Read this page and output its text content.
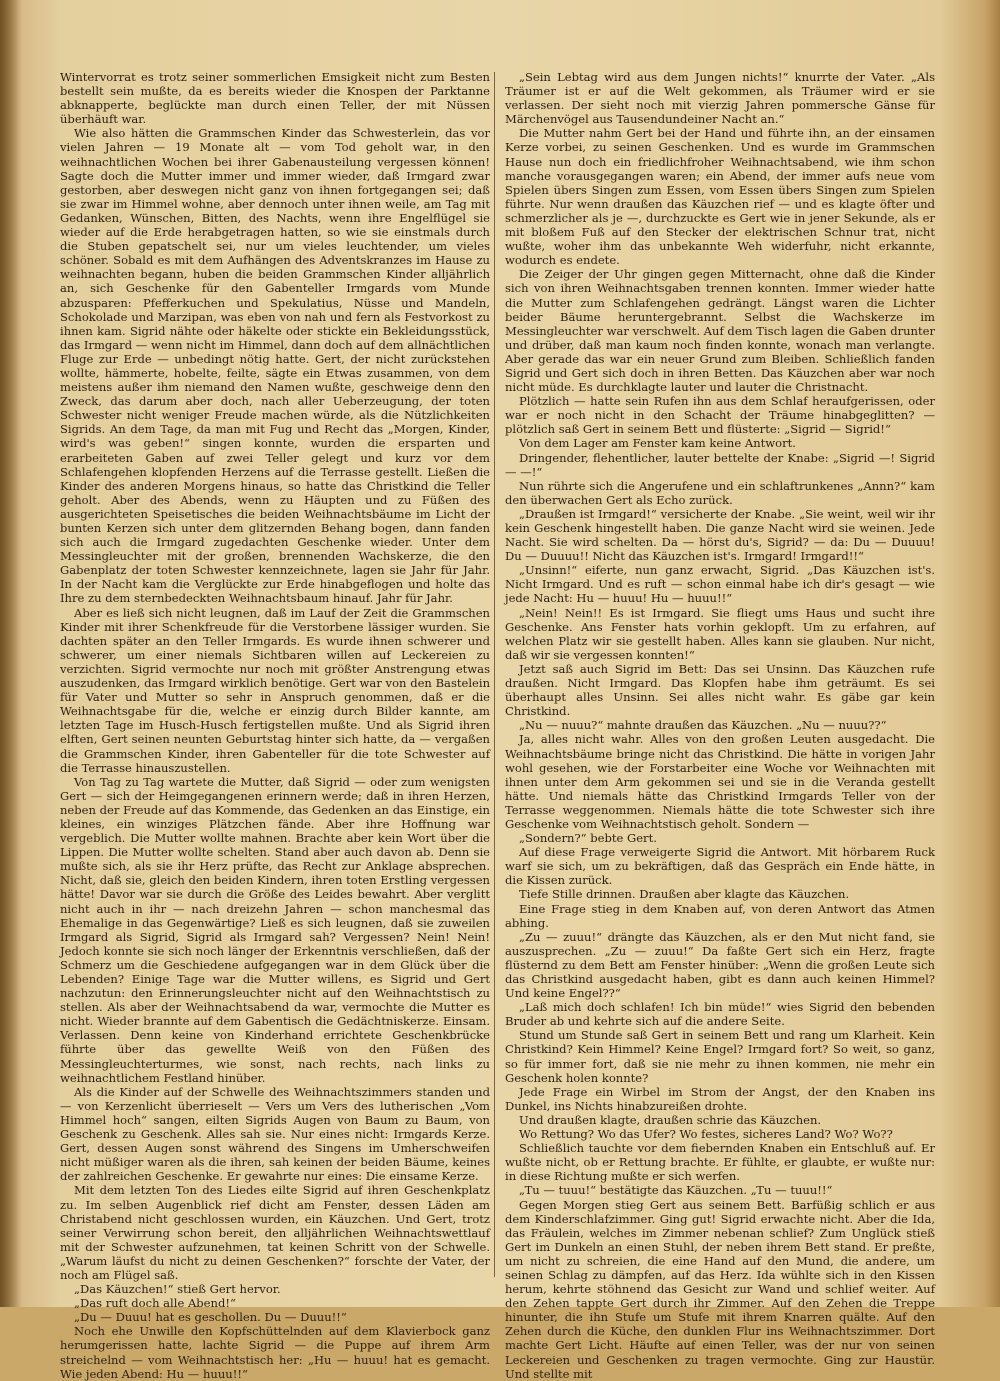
Wintervorrat es trotz seiner sommerlichen Emsigkeit nicht zum Besten bestellt sein mußte, da es bereits wieder die Knospen der Parktanne abknapperte, beglückte man durch einen Teller, der mit Nüssen überhäuft war.

Wie also hätten die Grammschen Kinder das Schwesterlein, das vor vielen Jahren — 19 Monate alt — vom Tod geholt war, in den weihnachtlichen Wochen bei ihrer Gabenausteilung vergessen können! Sagte doch die Mutter immer und immer wieder, daß Irmgard zwar gestorben, aber deswegen nicht ganz von ihnen fortgegangen sei; daß sie zwar im Himmel wohne, aber dennoch unter ihnen weile, am Tag mit Gedanken, Wünschen, Bitten, des Nachts, wenn ihre Engelflügel sie wieder auf die Erde herabgetragen hatten, so wie sie einstmals durch die Stuben gepatschelt sei, nur um vieles leuchtender, um vieles schöner. Sobald es mit dem Aufhängen des Adventskranzes im Hause zu weihnachten begann, huben die beiden Grammschen Kinder alljährlich an, sich Geschenke für den Gabenteller Irmgards vom Munde abzusparen: Pfefferkuchen und Spekulatius, Nüsse und Mandeln, Schokolade und Marzipan, was eben von nah und fern als Festvorkost zu ihnen kam. Sigrid nähte oder häkelte oder stickte ein Bekleidungsstück, das Irmgard — wenn nicht im Himmel, dann doch auf dem allnächtlichen Fluge zur Erde — unbedingt nötig hatte. Gert, der nicht zurückstehen wollte, hämmerte, hobelte, feilte, sägte ein Etwas zusammen, von dem meistens außer ihm niemand den Namen wußte, geschweige denn den Zweck, das darum aber doch, nach aller Ueberzeugung, der toten Schwester nicht weniger Freude machen würde, als die Nützlichkeiten Sigrids. An dem Tage, da man mit Fug und Recht das „Morgen, Kinder, wird's was geben!“ singen konnte, wurden die ersparten und erarbeiteten Gaben auf zwei Teller gelegt und kurz vor dem Schlafengehen klopfenden Herzens auf die Terrasse gestellt. Ließen die Kinder des anderen Morgens hinaus, so hatte das Christkind die Teller geholt. Aber des Abends, wenn zu Häupten und zu Füßen des ausgerichteten Speisetisches die beiden Weihnachtsbäume im Licht der bunten Kerzen sich unter dem glitzernden Behang bogen, dann fanden sich auch die Irmgard zugedachten Geschenke wieder. Unter dem Messingleuchter mit der großen, brennenden Wachskerze, die den Gabenplatz der toten Schwester kennzeichnete, lagen sie Jahr für Jahr. In der Nacht kam die Verglückte zur Erde hinabgeflogen und holte das Ihre zu dem sternbedeckten Weihnachtsbaum hinauf. Jahr für Jahr.

Aber es ließ sich nicht leugnen, daß im Lauf der Zeit die Grammschen Kinder mit ihrer Schenkfreude für die Verstorbene lässiger wurden. Sie dachten später an den Teller Irmgards. Es wurde ihnen schwerer und schwerer, um einer niemals Sichtbaren willen auf Leckereien zu verzichten. Sigrid vermochte nur noch mit größter Anstrengung etwas auszudenken, das Irmgard wirklich benötige. Gert war von den Bastelein für Vater und Mutter so sehr in Anspruch genommen, daß er die Weihnachtsgabe für die, welche er einzig durch Bilder kannte, am letzten Tage im Husch-Husch fertigstellen mußte. Und als Sigrid ihren elften, Gert seinen neunten Geburtstag hinter sich hatte, da — vergaßen die Grammschen Kinder, ihren Gabenteller für die tote Schwester auf die Terrasse hinauszustellen.

Von Tag zu Tag wartete die Mutter, daß Sigrid — oder zum wenigsten Gert — sich der Heimgegangenen erinnern werde; daß in ihren Herzen, neben der Freude auf das Kommende, das Gedenken an das Einstige, ein kleines, ein winziges Plätzchen fände. Aber ihre Hoffnung war vergeblich. Die Mutter wollte mahnen. Brachte aber kein Wort über die Lippen. Die Mutter wollte schelten. Stand aber auch davon ab. Denn sie mußte sich, als sie ihr Herz prüfte, das Recht zur Anklage absprechen. Nicht, daß sie, gleich den beiden Kindern, ihren toten Erstling vergessen hätte! Davor war sie durch die Größe des Leides bewahrt. Aber verglitt nicht auch in ihr — nach dreizehn Jahren — schon manchesmal das Ehemalige in das Gegenwärtige? Ließ es sich leugnen, daß sie zuweilen Irmgard als Sigrid, Sigrid als Irmgard sah? Vergessen? Nein! Nein! Jedoch konnte sie sich noch länger der Erkenntnis verschließen, daß der Schmerz um die Geschiedene aufgegangen war in dem Glück über die Lebenden? Einige Tage war die Mutter willens, es Sigrid und Gert nachzutun: den Erinnerungsleuchter nicht auf den Weihnachtstisch zu stellen. Als aber der Weihnachtsabend da war, vermochte die Mutter es nicht. Wieder brannte auf dem Gabentisch die Gedächtniskerze. Einsam. Verlassen. Denn keine von Kinderhand errichtete Geschenkbrücke führte über das gewellte Weiß von den Füßen des Messingleuchterturmes, wie sonst, nach rechts, nach links zu weihnachtlichem Festland hinüber.

Als die Kinder auf der Schwelle des Weihnachtszimmers standen und — von Kerzenlicht überrieselt — Vers um Vers des lutherischen „Vom Himmel hoch“ sangen, eilten Sigrids Augen von Baum zu Baum, von Geschenk zu Geschenk. Alles sah sie. Nur eines nicht: Irmgards Kerze. Gert, dessen Augen sonst während des Singens im Umherschweifen nicht müßiger waren als die ihren, sah keinen der beiden Bäume, keines der zahlreichen Geschenke. Er gewahrte nur eines: Die einsame Kerze.

Mit dem letzten Ton des Liedes eilte Sigrid auf ihren Geschenkplatz zu. Im selben Augenblick rief dicht am Fenster, dessen Läden am Christabend nicht geschlossen wurden, ein Käuzchen. Und Gert, trotz seiner Verwirrung schon bereit, den alljährlichen Weihnachtswettlauf mit der Schwester aufzunehmen, tat keinen Schritt von der Schwelle. „Warum läufst du nicht zu deinen Geschenken?“ forschte der Vater, der noch am Flügel saß.

„Das Käuzchen!“ stieß Gert hervor.

„Das ruft doch alle Abend!“

„Du — Duuu! hat es geschollen. Du — Duuu!!“

Noch ehe Unwille den Kopfschüttelnden auf dem Klavierbock ganz herumgerissen hatte, lachte Sigrid — die Puppe auf ihrem Arm streichelnd — vom Weihnachtstisch her: „Hu — huuu! hat es gemacht. Wie jeden Abend: Hu — huuu!!“

„Sein Lebtag wird aus dem Jungen nichts!“ knurrte der Vater. „Als Träumer ist er auf die Welt gekommen, als Träumer wird er sie verlassen. Der sieht noch mit vierzig Jahren pommersche Gänse für Märchenvögel aus Tausendundeiner Nacht an.“

Die Mutter nahm Gert bei der Hand und führte ihn, an der einsamen Kerze vorbei, zu seinen Geschenken. Und es wurde im Grammschen Hause nun doch ein friedlichfroher Weihnachtsabend, wie ihm schon manche vorausgegangen waren; ein Abend, der immer aufs neue vom Spielen übers Singen zum Essen, vom Essen übers Singen zum Spielen führte. Nur wenn draußen das Käuzchen rief — und es klagte öfter und schmerzlicher als je —, durchzuckte es Gert wie in jener Sekunde, als er mit bloßem Fuß auf den Stecker der elektrischen Schnur trat, nicht wußte, woher ihm das unbekannte Weh widerfuhr, nicht erkannte, wodurch es endete.

Die Zeiger der Uhr gingen gegen Mitternacht, ohne daß die Kinder sich von ihren Weihnachtsgaben trennen konnten. Immer wieder hatte die Mutter zum Schlafengehen gedrängt. Längst waren die Lichter beider Bäume heruntergebrannt. Selbst die Wachskerze im Messingleuchter war verschwelt. Auf dem Tisch lagen die Gaben drunter und drüber, daß man kaum noch finden konnte, wonach man verlangte. Aber gerade das war ein neuer Grund zum Bleiben. Schließlich fanden Sigrid und Gert sich doch in ihren Betten. Das Käuzchen aber war noch nicht müde. Es durchklagte lauter und lauter die Christnacht.

Plötzlich — hatte sein Rufen ihn aus dem Schlaf heraufgerissen, oder war er noch nicht in den Schacht der Träume hinabgeglitten? — plötzlich saß Gert in seinem Bett und flüsterte: „Sigrid — Sigrid!“

Von dem Lager am Fenster kam keine Antwort.

Dringender, flehentlicher, lauter bettelte der Knabe: „Sigrid —! Sigrid — —!“

Nun rührte sich die Angerufene und ein schlaftrunkenes „Annn?“ kam den überwachen Gert als Echo zurück.

„Draußen ist Irmgard!“ versicherte der Knabe. „Sie weint, weil wir ihr kein Geschenk hingestellt haben. Die ganze Nacht wird sie weinen. Jede Nacht. Sie wird schelten. Da — hörst du's, Sigrid? — da: Du — Duuuu! Du — Duuuu!! Nicht das Käuzchen ist's. Irmgard! Irmgard!!“

„Unsinn!“ eiferte, nun ganz erwacht, Sigrid. „Das Käuzchen ist's. Nicht Irmgard. Und es ruft — schon einmal habe ich dir's gesagt — wie jede Nacht: Hu — huuu! Hu — huuu!!“

„Nein! Nein!! Es ist Irmgard. Sie fliegt ums Haus und sucht ihre Geschenke. Ans Fenster hats vorhin geklopft. Um zu erfahren, auf welchen Platz wir sie gestellt haben. Alles kann sie glauben. Nur nicht, daß wir sie vergessen konnten!“

Jetzt saß auch Sigrid im Bett: Das sei Unsinn. Das Käuzchen rufe draußen. Nicht Irmgard. Das Klopfen habe ihm geträumt. Es sei überhaupt alles Unsinn. Sei alles nicht wahr. Es gäbe gar kein Christkind.

„Nu — nuuu?“ mahnte draußen das Käuzchen. „Nu — nuuu??“

Ja, alles nicht wahr. Alles von den großen Leuten ausgedacht. Die Weihnachtsbäume bringe nicht das Christkind. Die hätte in vorigen Jahr wohl gesehen, wie der Forstarbeiter eine Woche vor Weihnachten mit ihnen unter dem Arm gekommen sei und sie in die Veranda gestellt hätte. Und niemals hätte das Christkind Irmgards Teller von der Terrasse weggenommen. Niemals hätte die tote Schwester sich ihre Geschenke vom Weihnachtstisch geholt. Sondern —

„Sondern?“ bebte Gert.

Auf diese Frage verweigerte Sigrid die Antwort. Mit hörbarem Ruck warf sie sich, um zu bekräftigen, daß das Gespräch ein Ende hätte, in die Kissen zurück.

Tiefe Stille drinnen. Draußen aber klagte das Käuzchen.

Eine Frage stieg in dem Knaben auf, von deren Antwort das Atmen abhing.

„Zu — zuuu!“ drängte das Käuzchen, als er den Mut nicht fand, sie auszusprechen. „Zu — zuuu!“ Da faßte Gert sich ein Herz, fragte flüsternd zu dem Bett am Fenster hinüber: „Wenn die großen Leute sich das Christkind ausgedacht haben, gibt es dann auch keinen Himmel? Und keine Engel??“

„Laß mich doch schlafen! Ich bin müde!“ wies Sigrid den bebenden Bruder ab und kehrte sich auf die andere Seite.

Stund um Stunde saß Gert in seinem Bett und rang um Klarheit. Kein Christkind? Kein Himmel? Keine Engel? Irmgard fort? So weit, so ganz, so für immer fort, daß sie nie mehr zu ihnen kommen, nie mehr ein Geschenk holen konnte?

Jede Frage ein Wirbel im Strom der Angst, der den Knaben ins Dunkel, ins Nichts hinabzureißen drohte.

Und draußen klagte, draußen schrie das Käuzchen.

Wo Rettung? Wo das Ufer? Wo festes, sicheres Land? Wo? Wo??

Schließlich tauchte vor dem fiebernden Knaben ein Entschluß auf. Er wußte nicht, ob er Rettung brachte. Er fühlte, er glaubte, er wußte nur: in diese Richtung mußte er sich werfen.

„Tu — tuuu!“ bestätigte das Käuzchen. „Tu — tuuu!!“

Gegen Morgen stieg Gert aus seinem Bett. Barfüßig schlich er aus dem Kinderschlafzimmer. Ging gut! Sigrid erwachte nicht. Aber die Ida, das Fräulein, welches im Zimmer nebenan schlief? Zum Unglück stieß Gert im Dunkeln an einen Stuhl, der neben ihrem Bett stand. Er preßte, um nicht zu schreien, die eine Hand auf den Mund, die andere, um seinen Schlag zu dämpfen, auf das Herz. Ida wühlte sich in den Kissen herum, kehrte stöhnend das Gesicht zur Wand und schlief weiter. Auf den Zehen tappte Gert durch ihr Zimmer. Auf den Zehen die Treppe hinunter, die ihn Stufe um Stufe mit ihrem Knarren quälte. Auf den Zehen durch die Küche, den dunklen Flur ins Weihnachtszimmer. Dort machte Gert Licht. Häufte auf einen Teller, was der nur von seinen Leckereien und Geschenken zu tragen vermochte. Ging zur Haustür. Und stellte mit
